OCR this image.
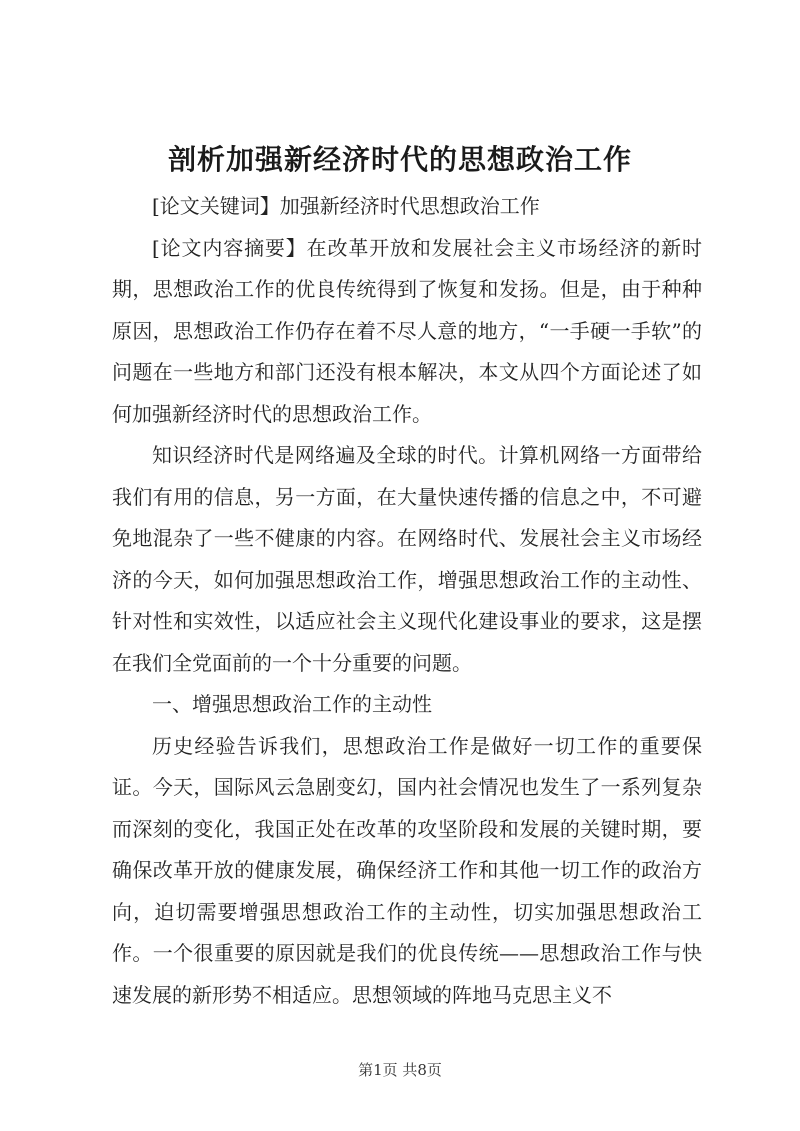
剖析加强新经济时代的思想政治工作

[论文关键词】加强新经济时代思想政治工作

[论文内容摘要】在改革开放和发展社会主义市场经济的新时期，思想政治工作的优良传统得到了恢复和发扬。但是，由于种种原因，思想政治工作仍存在着不尽人意的地方，“一手硬一手软”的问题在一些地方和部门还没有根本解决，本文从四个方面论述了如何加强新经济时代的思想政治工作。

知识经济时代是网络遍及全球的时代。计算机网络一方面带给我们有用的信息，另一方面，在大量快速传播的信息之中，不可避免地混杂了一些不健康的内容。在网络时代、发展社会主义市场经济的今天，如何加强思想政治工作，增强思想政治工作的主动性、针对性和实效性，以适应社会主义现代化建设事业的要求，这是摆在我们全党面前的一个十分重要的问题。

一、增强思想政治工作的主动性

历史经验告诉我们，思想政治工作是做好一切工作的重要保证。今天，国际风云急剧变幻，国内社会情况也发生了一系列复杂而深刻的变化，我国正处在改革的攻坚阶段和发展的关键时期，要确保改革开放的健康发展，确保经济工作和其他一切工作的政治方向，迫切需要增强思想政治工作的主动性，切实加强思想政治工作。一个很重要的原因就是我们的优良传统——思想政治工作与快速发展的新形势不相适应。思想领域的阵地马克思主义不

第1页 共8页
